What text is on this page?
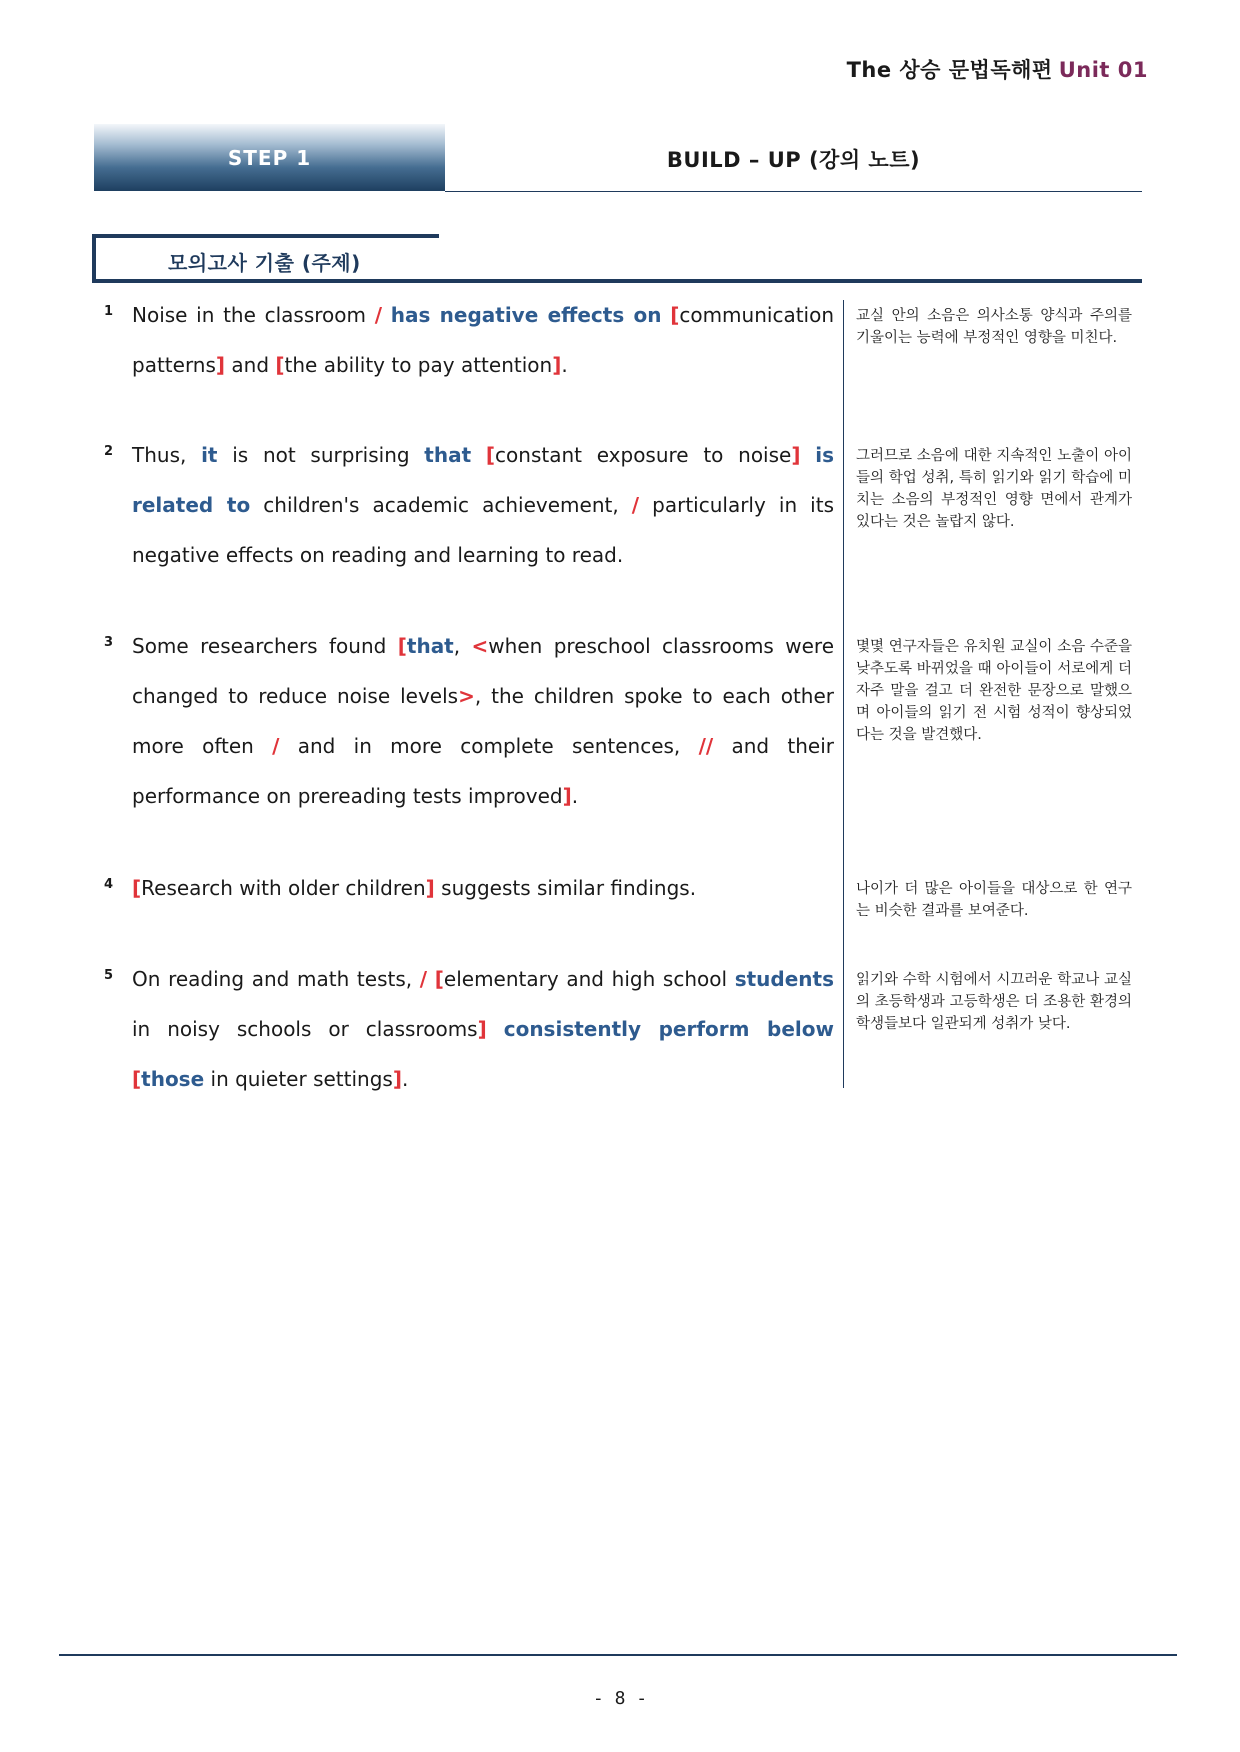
The 상승 문법독해편 Unit 01
STEP 1	BUILD – UP (강의 노트)
모의고사 기출 (주제)
1 Noise in the classroom / has negative effects on [communication patterns] and [the ability to pay attention].
교실 안의 소음은 의사소통 양식과 주의를 기울이는 능력에 부정적인 영향을 미친다.
2 Thus, it is not surprising that [constant exposure to noise] is related to children's academic achievement, / particularly in its negative effects on reading and learning to read.
그러므로 소음에 대한 지속적인 노출이 아이들의 학업 성취, 특히 읽기와 읽기 학습에 미치는 소음의 부정적인 영향 면에서 관계가 있다는 것은 놀랍지 않다.
3 Some researchers found [that, <when preschool classrooms were changed to reduce noise levels>, the children spoke to each other more often / and in more complete sentences, // and their performance on prereading tests improved].
몇몇 연구자들은 유치원 교실이 소음 수준을 낮추도록 바뀌었을 때 아이들이 서로에게 더 자주 말을 걸고 더 완전한 문장으로 말했으며 아이들의 읽기 전 시험 성적이 향상되었다는 것을 발견했다.
4 [Research with older children] suggests similar findings.	나이가 더 많은 아이들을 대상으로 한 연구는 비슷한 결과를 보여준다.
5 On reading and math tests, / [elementary and high school students in noisy schools or classrooms] consistently perform below [those in quieter settings].
읽기와 수학 시험에서 시끄러운 학교나 교실의 초등학생과 고등학생은 더 조용한 환경의 학생들보다 일관되게 성취가 낮다.
- 8 -
